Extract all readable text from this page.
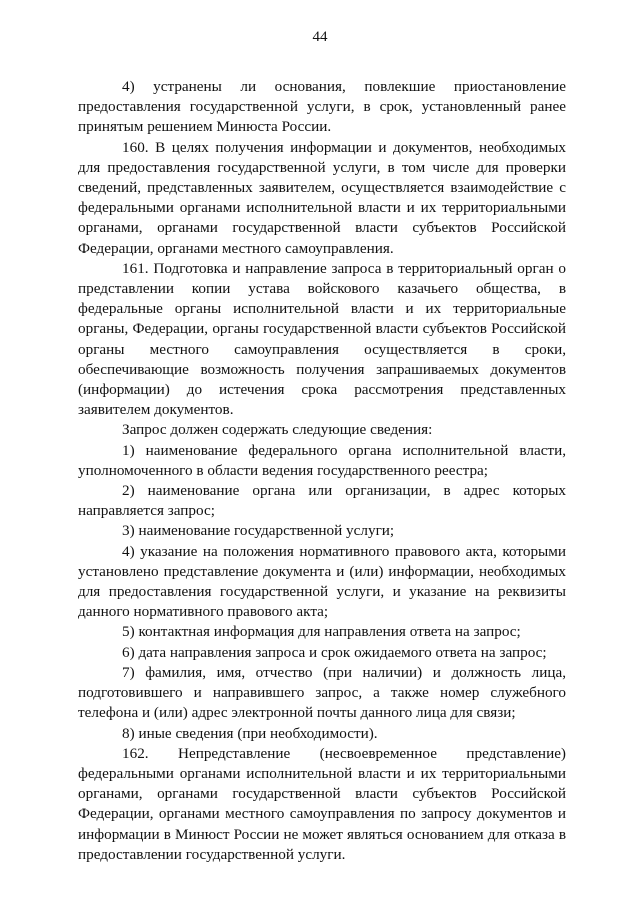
44

4) устранены ли основания, повлекшие приостановление предоставления государственной услуги, в срок, установленный ранее принятым решением Минюста России.

160. В целях получения информации и документов, необходимых для предоставления государственной услуги, в том числе для проверки сведений, представленных заявителем, осуществляется взаимодействие с федеральными органами исполнительной власти и их территориальными органами, органами государственной власти субъектов Российской Федерации, органами местного самоуправления.

161. Подготовка и направление запроса в территориальный орган о представлении копии устава войскового казачьего общества, в федеральные органы исполнительной власти и их территориальные органы, Федерации, органы государственной власти субъектов Российской органы местного самоуправления осуществляется в сроки, обеспечивающие возможность получения запрашиваемых документов (информации) до истечения срока рассмотрения представленных заявителем документов.

Запрос должен содержать следующие сведения:

1) наименование федерального органа исполнительной власти, уполномоченного в области ведения государственного реестра;

2) наименование органа или организации, в адрес которых направляется запрос;

3) наименование государственной услуги;

4) указание на положения нормативного правового акта, которыми установлено представление документа и (или) информации, необходимых для предоставления государственной услуги, и указание на реквизиты данного нормативного правового акта;

5) контактная информация для направления ответа на запрос;

6) дата направления запроса и срок ожидаемого ответа на запрос;

7) фамилия, имя, отчество (при наличии) и должность лица, подготовившего и направившего запрос, а также номер служебного телефона и (или) адрес электронной почты данного лица для связи;

8) иные сведения (при необходимости).

162. Непредставление (несвоевременное представление) федеральными органами исполнительной власти и их территориальными органами, органами государственной власти субъектов Российской Федерации, органами местного самоуправления по запросу документов и информации в Минюст России не может являться основанием для отказа в предоставлении государственной услуги.
